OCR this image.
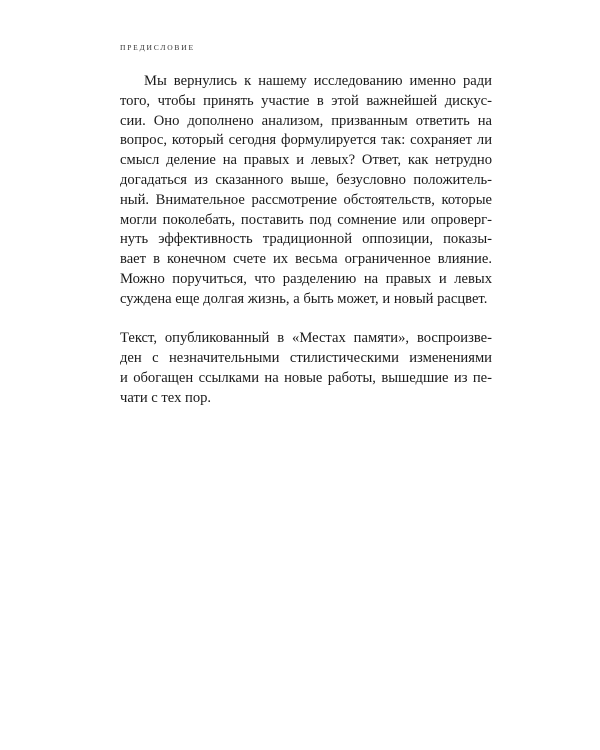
ПРЕДИСЛОВИЕ
Мы вернулись к нашему исследованию именно ради
того, чтобы принять участие в этой важнейшей дискус-
сии. Оно дополнено анализом, призванным ответить на
вопрос, который сегодня формулируется так: сохраняет ли
смысл деление на правых и левых? Ответ, как нетрудно
догадаться из сказанного выше, безусловно положитель-
ный. Внимательное рассмотрение обстоятельств, которые
могли поколебать, поставить под сомнение или опроверг-
нуть эффективность традиционной оппозиции, показы-
вает в конечном счете их весьма ограниченное влияние.
Можно поручиться, что разделению на правых и левых
суждена еще долгая жизнь, а быть может, и новый расцвет.
Текст, опубликованный в «Местах памяти», воспроизве-
ден с незначительными стилистическими изменениями
и обогащен ссылками на новые работы, вышедшие из пе-
чати с тех пор.
